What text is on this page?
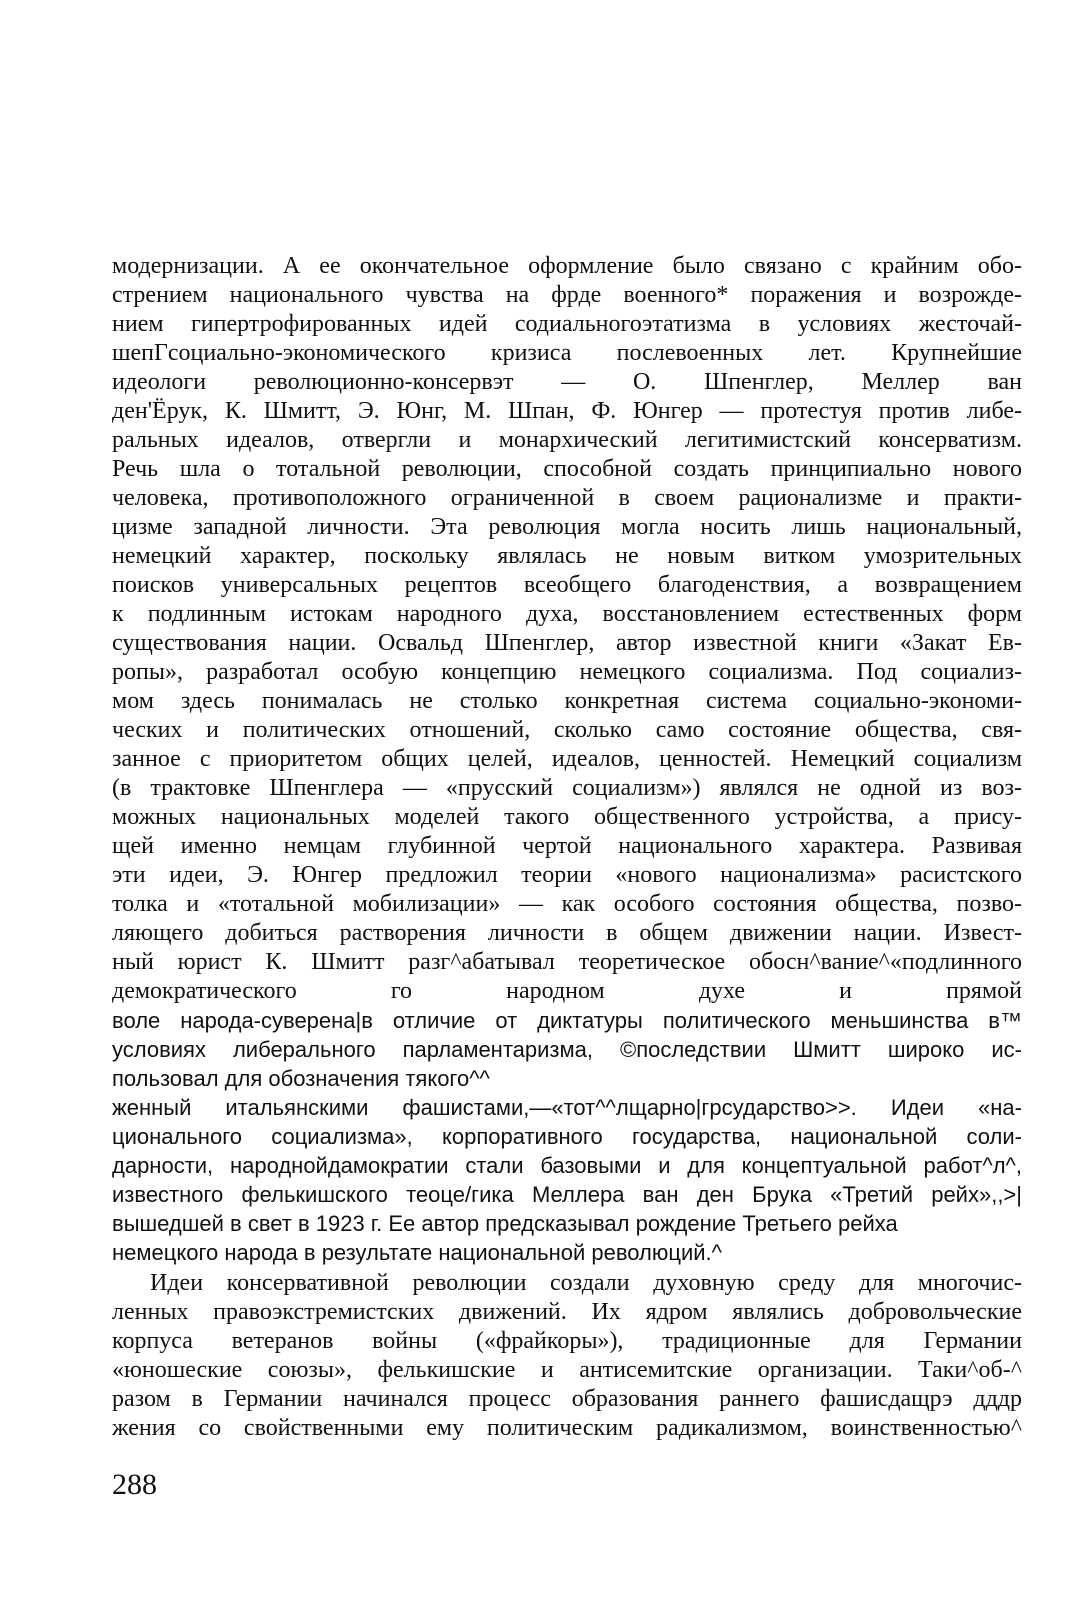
модернизации. А ее окончательное оформление было связано с крайним обо-
стрением национального чувства на фрде военного* поражения и возрожде-
нием гипертрофированных идей содиальногоэтатизма в условиях жесточай-
шепГсоциально-экономического кризиса послевоенных лет. Крупнейшие
идеологи революционно-консервэт — О. Шпенглер, Меллер ван
ден'Ёрук, К. Шмитт, Э. Юнг, М. Шпан, Ф. Юнгер — протестуя против либе-
ральных идеалов, отвергли и монархический легитимистский консерватизм.
Речь шла о тотальной революции, способной создать принципиально нового
человека, противоположного ограниченной в своем рационализме и практи-
цизме западной личности. Эта революция могла носить лишь национальный,
немецкий характер, поскольку являлась не новым витком умозрительных
поисков универсальных рецептов всеобщего благоденствия, а возвращением
к подлинным истокам народного духа, восстановлением естественных форм
существования нации. Освальд Шпенглер, автор известной книги «Закат Ев-
ропы», разработал особую концепцию немецкого социализма. Под социализ-
мом здесь понималась не столько конкретная система социально-экономи-
ческих и политических отношений, сколько само состояние общества, свя-
занное с приоритетом общих целей, идеалов, ценностей. Немецкий социализм
(в трактовке Шпенглера — «прусский социализм») являлся не одной из воз-
можных национальных моделей такого общественного устройства, а прису-
щей именно немцам глубинной чертой национального характера. Развивая
эти идеи, Э. Юнгер предложил теории «нового национализма» расистского
толка и «тотальной мобилизации» — как особого состояния общества, позво-
ляющего добиться растворения личности в общем движении нации. Извест-
ный юрист К. Шмитт разг^абатывал теоретическое обосн^вание^«подлинного
демократического го народном духе и прямой
воле народа-суверена|в отличие от диктатуры политического меньшинства в™
условиях либерального парламентаризма, ©последствии Шмитт широко ис-
пользовал для обозначения тякого^^
женный итальянскими фашистами,—«тот^^лщарно|грсударство>>. Идеи «на-
ционального социализма», корпоративного государства, национальной соли-
дарности, народнойдамократии стали базовыми и для концептуальной работ^л^,
известного фелькишского теоце/гика Меллера ван ден Брука «Третий рейх»,,>|
вышедшей в свет в 1923 г. Ее автор предсказывал рождение Третьего рейха
немецкого народа в результате национальной революций.^
Идеи консервативной революции создали духовную среду для многочис-
ленных правоэкстремистских движений. Их ядром являлись добровольческие
корпуса ветеранов войны («фрайкоры»), традиционные для Германии
«юношеские союзы», фелькишские и антисемитские организации. Таки^об-^
разом в Германии начинался процесс образования раннего фашисдащрэ дддр
жения со свойственными ему политическим радикализмом, воинственностью^
288
